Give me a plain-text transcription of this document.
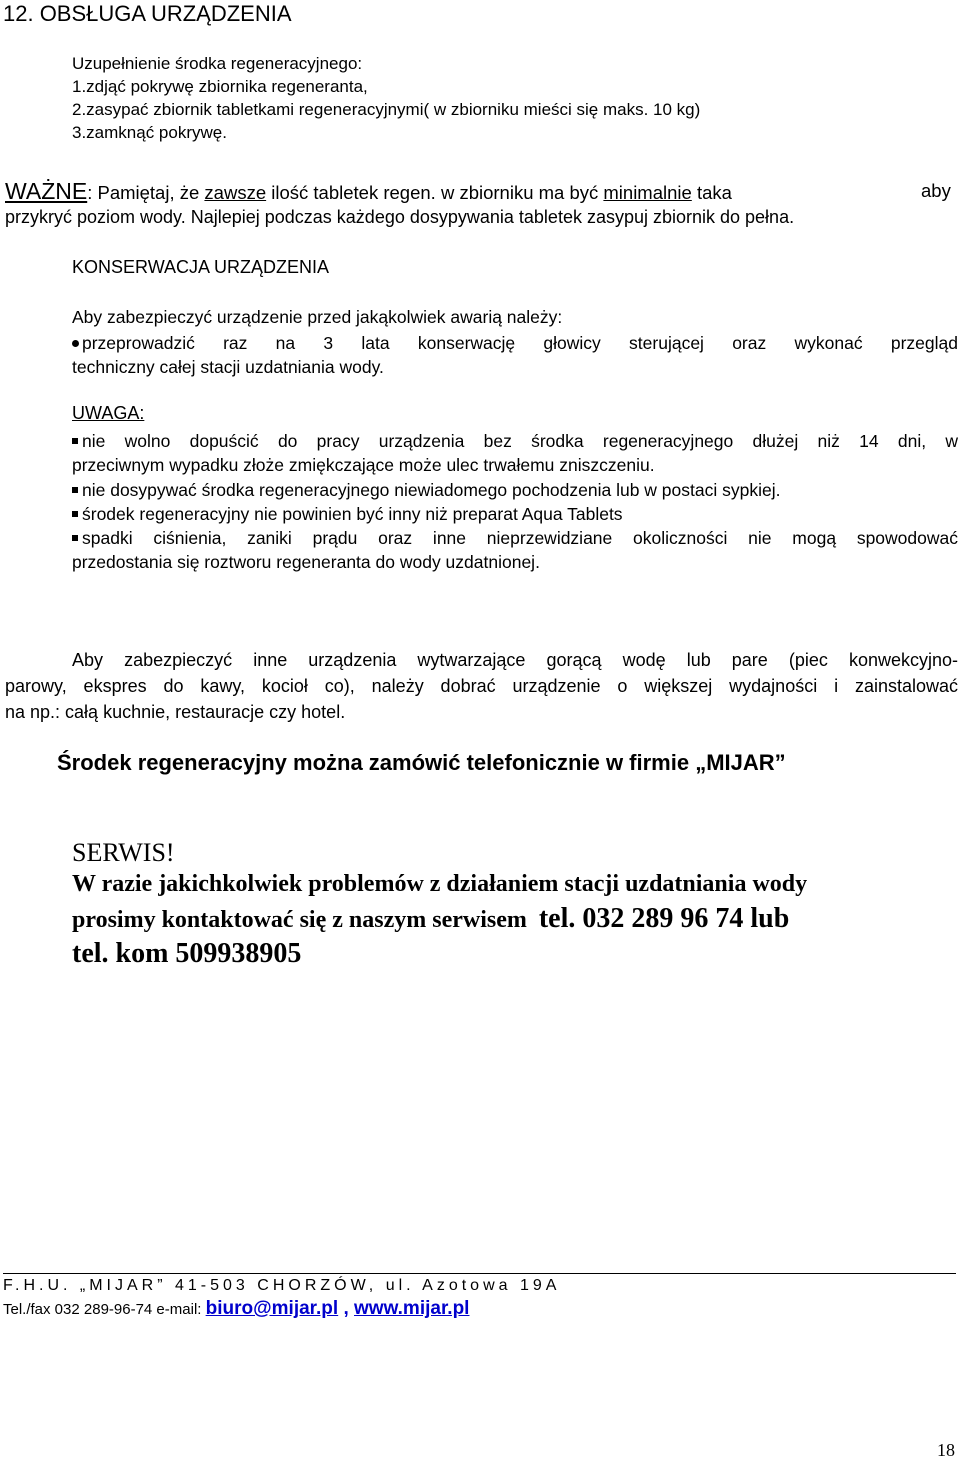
12. OBSŁUGA URZĄDZENIA
Uzupełnienie środka regeneracyjnego:
1.zdjąć pokrywę zbiornika regeneranta,
2.zasypać zbiornik tabletkami regeneracyjnymi( w zbiorniku mieści się maks. 10 kg)
3.zamknąć pokrywę.
WAŻNE: Pamiętaj, że zawsze ilość tabletek regen. w zbiorniku ma być minimalnie taka	aby
przykryć poziom wody. Najlepiej podczas każdego dosypywania tabletek zasypuj zbiornik do pełna.
KONSERWACJA URZĄDZENIA
Aby zabezpieczyć urządzenie przed jakąkolwiek awarią należy:
przeprowadzić raz na 3 lata konserwację głowicy sterującej oraz wykonać przegląd
techniczny całej stacji uzdatniania wody.
UWAGA:
nie wolno dopuścić do pracy urządzenia bez środka regeneracyjnego dłużej niż 14 dni, w
przeciwnym wypadku złoże zmiękczające może ulec trwałemu zniszczeniu.
nie dosypywać środka regeneracyjnego niewiadomego pochodzenia lub w postaci sypkiej.
środek regeneracyjny nie powinien być inny niż preparat Aqua Tablets
spadki ciśnienia, zaniki prądu oraz inne nieprzewidziane okoliczności nie mogą spowodować
przedostania się roztworu regeneranta do wody uzdatnionej.
Aby zabezpieczyć inne urządzenia wytwarzające gorącą wodę lub pare (piec konwekcyjno-
parowy, ekspres do kawy, kocioł co), należy dobrać urządzenie o większej wydajności i zainstalować
na np.: całą kuchnie, restauracje czy hotel.
Środek regeneracyjny można zamówić telefonicznie w firmie „MIJAR”
SERWIS!
W razie jakichkolwiek problemów z działaniem stacji uzdatniania wody
prosimy kontaktować się z naszym serwisem tel. 032 289 96 74 lub
tel. kom 509938905
F.H.U. „MIJAR” 41-503 CHORZÓW, ul. Azotowa 19A
Tel./fax 032 289-96-74 e-mail: biuro@mijar.pl , www.mijar.pl
18
